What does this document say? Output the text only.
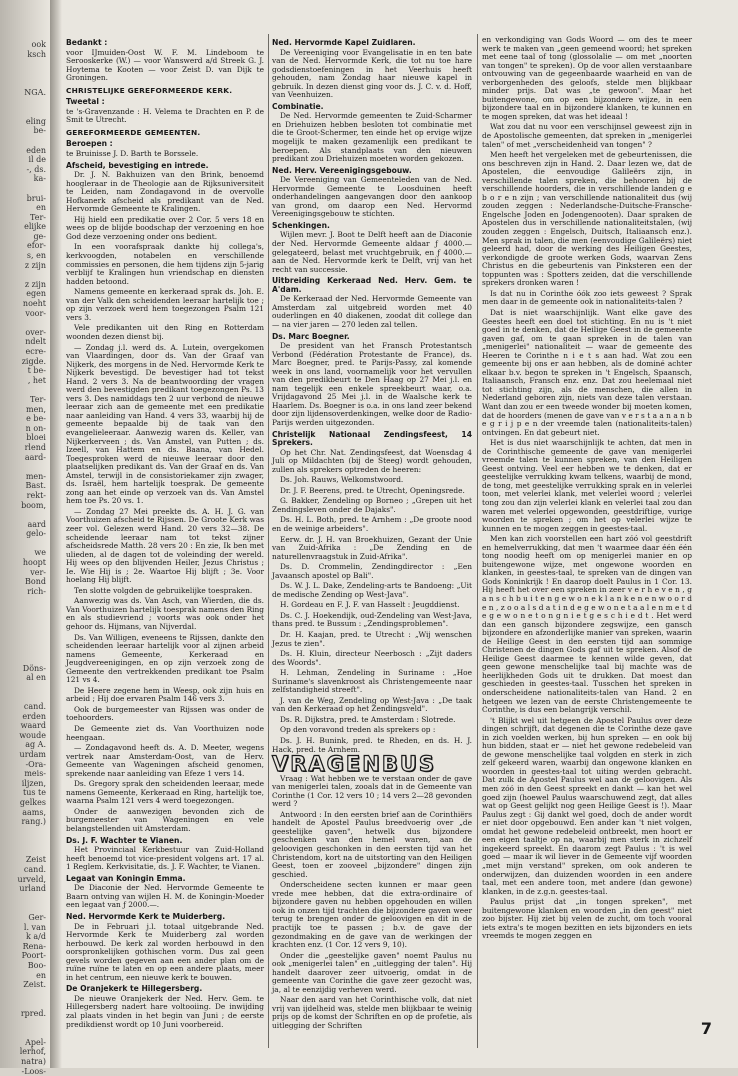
ook
ksch

NGA.

eling
be-

eden
il de
-, ds.
ka-

brui-
en
Ter-
elijke
ge-
efor-
s, en
z zijn

z zijn
egen
noeht
voor-

over-
ndelt
ecre-
zigde.
t be-
, het

Ter-
men,
e be-
n on-
bloei
rlend
aard-

men-
Bast.
rekt-
boom,

aard
gelo-

we
hoopt
ver-
Bond
rich-

Döns-
al en

cand.
erden
waard
woude
ag A.
urdam
-Ora-
meis-
iljzen,
tus te
gelkes
aams,
rang.)

Zeist
cand.
urveld,
urland

Ger-
l. van
k a/d
Rena-
Poort-
Boo-
en
Zeist.

rpred.

Apel-
lerhof,
natra)
-Loos-
Bedankt :

voor IJmuiden-Oost W. F. M. Lindeboom te Serooskerke (W.) — voor Wanswerd a/d Streek G. J. Hoytema te Kooten — voor Zeist D. van Dijk te Groningen.

CHRISTELIJKE GEREFORMEERDE KERK.
Tweetal :

te 's-Gravenzande : H. Velema te Drachten en P. de Smit te Utrecht.

GEREFORMEERDE GEMEENTEN.
Beroepen :

te Bruinisse J. D. Barth te Borssele.

Afscheid, bevestiging en intrede.

Dr. J. N. Bakhuizen van den Brink, benoemd hoogleraar in de Theologie aan de Rijksuniversiteit te Leiden, nam Zondagavond in de overvolle Hofkanerk afscheid als predikant van de Ned. Hervormde Gemeente te Kralingen.

Hij hield een predikatie over 2 Cor. 5 vers 18 en wees op de blijde boodschap der verzoening en hoe God deze verzoening onder ons bedient.

In een voorafspraak dankte hij collega's, kerkvoogden, notabelen en verschillende commissies en personen, die hem tijdens zijn 5-jarig verblijf te Kralingen hun vriendschap en diensten hadden betoond.

Namens gemeente en kerkeraad sprak ds. Joh. E. van der Valk den scheidenden leeraar hartelijk toe ; op zijn verzoek werd hem toegezongen Psalm 121 vers 3.

Vele predikanten uit den Ring en Rotterdam woonden dezen dienst bij.

— Zondag j.l. werd ds. A. Lutein, overgekomen van Vlaardingen, door ds. Van der Graaf van Nijkerk, des morgens in de Ned. Hervormde Kerk te Nijkerk bevestigd. De bevestiger had tot tekst Hand. 2 vers 3. Na de beantwoording der vragen werd den bevestigden predikant toegezongen Ps. 13 vers 3. Des namiddags ten 2 uur verbond de nieuwe leeraar zich aan de gemeente met een predikatie naar aanleiding van Hand. 4 vers 33, waarbij hij de gemeente bepaalde bij de taak van den evangelieleeraar. Aanwezig waren ds. Keller, van Nijkerkerveen ; ds. Van Amstel, van Putten ; ds. Izeell, van Hattem en ds. Baana, van Hedel. Toegesproken werd de nieuwe leeraar door den plaatselijken predikant ds. Van der Graaf en ds. Van Amstel, terwijl in de consistoriekamer zijn zwager, ds. Israël, hem hartelijk toesprak. De gemeente zong aan het einde op verzoek van ds. Van Amstel hem toe Ps. 20 vs. 1.

— Zondag 27 Mei preekte ds. A. H. J. G. van Voorthuizen afscheid te Rijssen. De Groote Kerk was zeer vol. Gelezen werd Hand. 20 vers 32—38. De scheidende leeraar nam tot tekst zijner afscheidsrede Matth. 28 vers 20 : En zie, Ik ben met ulieden, al de dagen tot de voleinding der wereld. Hij wees op den blijvenden Heiler, Jezus Christus ; Ie. Wie Hij is ; 2e. Waartoe Hij blijft ; 3e. Voor hoelang Hij blijft.

Ten slotte volgden de gebruikelijke toespraken.

Aanwezig was ds. Van Asch, van Wierden, die ds. Van Voorthuizen hartelijk toesprak namens den Ring en als studievriend ; voorts was ook onder het gehoor ds. Hijmans, van Nijverdal.

Ds. Van Willigen, eveneens te Rijssen, dankte den scheidenden leeraar hartelijk voor al zijnen arbeid namens Gemeente, Kerkeraad en Jeugdvereenigingen, en op zijn verzoek zong de Gemeente den vertrekkenden predikant toe Psalm 121 vs 4.

De Heere zegene hem in Weesp, ook zijn huis en arbeid ; Hij doe ervaren Psalm 146 vers 3.

Ook de burgemeester van Rijssen was onder de toehoorders.

De Gemeente ziet ds. Van Voorthuizen node heengaan.

— Zondagavond heeft ds. A. D. Meeter, wegens vertrek naar Amsterdam-Oost, van de Herv. Gemeente van Wageningen afscheid genomen, sprekende naar aanleiding van Efeze 1 vers 14.

Ds. Gregory sprak den scheidenden leeraar, mede namens Gemeente, Kerkeraad en Ring, hartelijk toe, waarna Psalm 121 vers 4 werd toegezongen.

Onder de aanwezigen bevonden zich de burgemeester van Wageningen en vele belangstellenden uit Amsterdam.

Ds. J. F. Wachter te Vianen.

Het Provinciaal Kerkbestuur van Zuid-Holland heeft benoemd tot vice-president volgens art. 17 al. 1 Reglem. Kerkvisitatie, ds. J. F. Wachter, te Vianen.

Legaat van Koningin Emma.

De Diaconie der Ned. Hervormde Gemeente te Baarn ontving van wijlen H. M. de Koningin-Moeder een legaat van ƒ 2000.—.

Ned. Hervormde Kerk te Muiderberg.

De in Februari j.l. totaal uitgebrande Ned. Hervormde Kerk te Muiderberg zal worden herbouwd. De kerk zal worden herbouwd in den oorspronkelijken gothischen vorm. Dus zal geen gevels worden gegeven aan een ander plan om de ruïne ruïne te laten en op een andere plaats, meer in het centrum, een nieuwe kerk te bouwen.

De Oranjekerk te Hillegersberg.

De nieuwe Oranjekerk der Ned. Herv. Gem. te Hillegersberg nadert hare voltooiing. De inwijding zal plaats vinden in het begin van Juni ; de eerste predikdienst wordt op 10 Juni voorbereid.

Ned. Hervormde Kapel Zuidlaren.

De Vereeniging voor Evangelisatie in en ten bate van de Ned. Hervormde Kerk, die tot nu toe hare godsdienstoefeningen in het Veerhuis heeft gehouden, nam Zondag haar nieuwe kapel in gebruik. In dezen dienst ging voor ds. J. C. v. d. Hoff, van Veenhuizen.

Combinatie.

De Ned. Hervormde gemeenten te Zuid-Scharmer en Driehuizen hebben besloten tot combinatie met die te Groot-Schermer, ten einde het op ervige wijze mogelijk te maken gezamenlijk een predikant te beroepen. Als standplaats van den nieuwen predikant zou Driehuizen moeten worden gekozen.

Ned. Herv. Vereenigingsgebouw.

De Vereeniging van Gemeenteleden van de Ned. Hervormde Gemeente te Loosduinen heeft onderhandelingen aangevangen door den aankoop van grond, om daarop een Ned. Hervormd Vereenigingsgebouw te stichten.

Schenkingen.

Wijlen mevr. J. Boot te Delft heeft aan de Diaconie der Ned. Hervormde Gemeente aldaar ƒ 4000.— gelegateerd, belast met vruchtgebruik, en ƒ 4000.— aan de Ned. Hervormde kerk te Delft, vrij van het recht van successie.

Uitbreiding Kerkeraad Ned. Herv. Gem. te A'dam.

De Kerkeraad der Ned. Hervormde Gemeente van Amsterdam zal uitgebreid worden met 40 ouderlingen en 40 diakenen, zoodat dit college dan — na vier jaren — 270 leden zal tellen.

Ds. Marc Boegner.

De president van het Fransch Protestantsch Verbond (Fédération Protestante de France), ds. Marc Boegner, pred. te Parijs-Passy, zal komende week in ons land, voornamelijk voor het vervullen van den predikbeurt te Den Haag op 27 Mei j.l. en nam tegelijk een enkele spreekbeurt waar, o.a. Vrijdagavond 25 Mei j.l. in de Waalsche kerk te Haarlem. Ds. Boegner is o.a. in ons land zeer bekend door zijn lijdensoverdenkingen, welke door de Radio-Parijs werden uitgezonden.

Christelijk Nationaal Zendingsfeest, 14 Sprekers.

Op het Chr. Nat. Zendingsfeest, dat Woensdag 4 Juli op Mildachten (bij de Steeg) wordt gehouden, zullen als sprekers optreden de heeren:

Ds. Joh. Rauws, Welkomstwoord.

Dr. J. F. Beerens, pred. te Utrecht, Openingsrede.

G. Bakker, Zendeling op Borneo ; „Grepen uit het Zendingsleven onder de Dajaks".

Ds. H. L. Both, pred. te Arnhem : „De groote nood en de weinige arbeiders".

Eerw. dr. J. H. van Broekhuizen, Gezant der Unie van Zuid-Afrika : „De Zending en de naturellenvraagstuk in Zuid-Afrika".

Ds. D. Crommelin, Zendingdirector : „Een Javaansch apostel op Bali".

Ds. W. J. L. Dake, Zendeling-arts te Bandoeng: „Uit de medische Zending op West-Java".

H. Gordeau en F. J. F. van Hasselt : Jeugddienst.

Ds. C. J. Hoekendijk, oud-Zendeling van West-Java, thans pred. te Bussum : „Zendingsproblemen".

Dr. H. Kaajan, pred. te Utrecht : „Wij wenschen Jezus te zien".

Ds. H. Kluin, directeur Neerbosch : „Zijt daders des Woords".

H. Lehman, Zendeling in Suriname : „Hoe Suriname's slavenkroost als Christengemeente naar zelfstandigheid streeft".

J. van de Weg, Zendeling op West-Java : „De taak van den Kerkeraad op het Zendingsveld".

Ds. R. Dijkstra, pred. te Amsterdam : Slotrede.

Op den voravond treden als sprekers op :

Ds. J. H. Bunink, pred. te Rheden, en ds. H. J. Hack, pred. te Arnhem.

VRAGENBUS

Vraag : Wat hebben we te verstaan onder de gave van menigerlei talen, zooals dat in de Gemeente van Corinthe (1 Cor. 12 vers 10 ; 14 vers 2—28 gevonden werd ?

Antwoord : In den eersten brief aan de Corinthiërs handelt de Apostel Paulus breedvoerig over „de geestelijke gaven", hetwelk dus bijzondere geschenken van den hemel waren, aan de geloovigen geschonken in den eersten tijd van het Christendom, kort na de uitstorting van den Heiligen Geest, toen er zooveel „bijzondere" dingen zijn geschied.

Onderscheidene secten kunnen er maar geen vrede mee hebben, dat die extra-ordinaire of bijzondere gaven nu hebben opgehouden en willen ook in onzen tijd trachten die bijzondere gaven weer terug te brengen onder de geloovigen en dit in de practijk toe te passen ; b.v. de gave der gezondmaking en de gave van de werkingen der krachten enz. (1 Cor. 12 vers 9, 10).

Onder die „geestelijke gaven" noemt Paulus nu ook „menigerlei talen" en „uitlegging der talen". Hij handelt daarover zeer uitvoerig, omdat in de gemeente van Corinthe die gave zeer gezocht was, ja, al te eenzijdig verheven werd.

Naar den aard van het Corinthische volk, dat niet vrij van ijdelheid was, stelde men blijkbaar te weinig prijs op de komst der Schriften en op de profetie, als uitlegging der Schriften

en verkondiging van Gods Woord — om des te meer werk te maken van „geen gemeend woord; het spreken met eene taal of tong (glossolalie — om met „noorten van tongen" te spreken). Op de voor allen verstaanbare ontvouwing van de gegeenbaarde waarheid en van de verborgenheden des geloofs, stelde men blijkbaar minder prijs. Dat was „te gewoon". Maar het buitengewone, om op een bijzondere wijze, in een bijzondere taal en in bijzondere klanken, te kunnen en te mogen spreken, dat was het ideaal !

Wat zou dat nu voor een verschijnsel geweest zijn in de Apostolische gemeenten, dat spreken in „menigerlei talen" of met „verscheidenheid van tongen" ?

Men heeft het vergeleken met de gebeurtenissen, die ons beschreven zijn in Hand. 2. Daar lezen we, dat de Apostelen, die eenvoudige Galileërs zijn, in verschillende talen spreken, die behooren bij de verschillende hoorders, die in verschillende landen g e b o r e n zijn ; van verschillende nationaliteit dus (wij zouden zeggen : Nederlandsche-Duitsche-Fransche-Engelsche Joden en Jodengenooten). Daar spraken de Apostelen dus in verschillende nationaliteitstalen, (wij zouden zeggen : Engelsch, Duitsch, Italiaansch enz.). Men sprak in talen, die men (eenvoudige Galileërs) niet geleerd had, door de werking des Heiligen Geestes, verkondigde de groote werken Gods, waarvan Zens Christus en die gebeurtenis van Pinksteren een der toppunten was : Spotters zeiden, dat die verschillende sprekers dronken waren !

Is dat nu in Corinthe óók zoo iets geweest ? Sprak men daar in de gemeente ook in nationaliteits-talen ?

Dat is niet waarschijnlijk. Want elke gave des Geestes heeft een doel tot stichting. En nu is 't niet goed in te denken, dat de Heilige Geest in de gemeente gaven gaf, om te gaan spreken in de talen van „menigerlei" nationaliteit — waar de gemeente des Heeren te Corinthe n i e t s aan had. Wat zou een gemeente bij ons er aan hebben, als de dominé achter elkaar b.v. begon te spreken in 't Engelsch, Spaansch, Italiaansch, Fransch enz. enz. Dat zou heelemaal niet tot stichting zijn, als de menschen, die allen in Nederland geboren zijn, niets van deze talen verstaan. Want dan zou er een tweede wonder bij moeten komen, dat de hoorders (menen de gave van v e r s t a a n a n b e g r i j p e n der vreemde talen (nationaliteits-talen) ontvingen. En dat gebeurt niet.

Het is dus niet waarschijnlijk te achten, dat men in de Corinthische gemeente de gave van menigerlei vreemde talen te kunnen spreken, van den Heiligen Geest ontving. Veel eer hebben we te denken, dat er geestelijke verrukking kwam telkens, waarbij de mond, de tong, met geestelijke verrukking sprak en in velerlei toon, met velerlei klank, met velerlei woord ; velerlei tong zou dan zijn velerlei klank en velerlei taal zou dan waren met velerlei opgewonden, geestdriftige, vurige woorden te spreken ; om het op velerlei wijze te kunnen en te mogen zeggen in geestes-taal.

Men kan zich voorstellen een hart zóó vol geestdrift en hemelverrukking, dat men 't waarmee daar één één tong noodig heeft om op menigerlei manier en op buitengewone wijze, met ongewone woorden en klanken, in geestes-taal, te spreken van de dingen van Gods Koninkrijk ! En daarop doelt Paulus in 1 Cor. 13. Hij heeft het over een spreken in zeer v e r h e v e n , g a n s c h b u i t e n g e w o n e k l a n k e n e n w o o r d e n , z o o a l s d a t i n d e g e w o n e t a a l e n m e t d e g e w o n e t o n g n i e t g e s c h i e d t . Het werd dan een gansch bijzondere zegswijze, een gansch bijzondere en afzonderlijke manier van spreken, waarin de Heilige Geest in den eersten tijd aan sommige Christenen de dingen Gods gaf uit te spreken. Alsof de Heilige Geest daarmee te kennen wilde geven, dat geen gewone menschelijke taal bij machte was de heerlijkheden Gods uit te drukken. Dat moest dan geschieden in geestes-taal. Tusschen het spreken in onderscheidene nationaliteits-talen van Hand. 2 en hetgeen we lezen van de eerste Christengemeente te Corinthe, is dus een belangrijk verschil.

't Blijkt wel uit hetgeen de Apostel Paulus over deze dingen schrijft, dat degenen die te Corinthe deze gave in zich voelden werken, bij hun spreken — en ook bij hun bidden, staat er — niet het gewone redebeleid van de gewone menschelijke taal volgden en sterk in zich zelf gekeerd waren, waarbij dan ongewone klanken en woorden in geestes-taal tot uiting werden gebracht. Dat zulk de Apostel Paulus wel aan de geloovigen. Als men zóó in den Geest spreekt en dankt — kan het wel goed zijn (hoewel Paulus waarschuwend zegt, dat alles wat op Geest gelijkt nog geen Heilige Geest is !). Maar Paulus zegt : Gij dankt wel goed, doch de ander wordt er niet door opgebouwd. Een ander kan 't niet volgen, omdat het gewone redebeleid ontbreekt, men hoort er een eigen taaltje op na, waarbij men sterk in zichzelf ingekeerd spreekt. En daarom zegt Paulus : 't is wel goed — maar ik wil liever in de Gemeente vijf woorden „met mijn verstand" spreken, om ook anderen te onderwijzen, dan duizenden woorden in een andere taal, met een andere toon, met andere (dan gewone) klanken, in de z.g.n. geestes-taal.

Paulus prijst dat „in tongen spreken", met buitengewone klanken en woorden „in den geest" niet zoo bijster. Hij ziet bij velen de zucht, om toch vooral iets extra's te mogen bezitten en iets bijzonders en iets vreemds te mogen zeggen en

7
